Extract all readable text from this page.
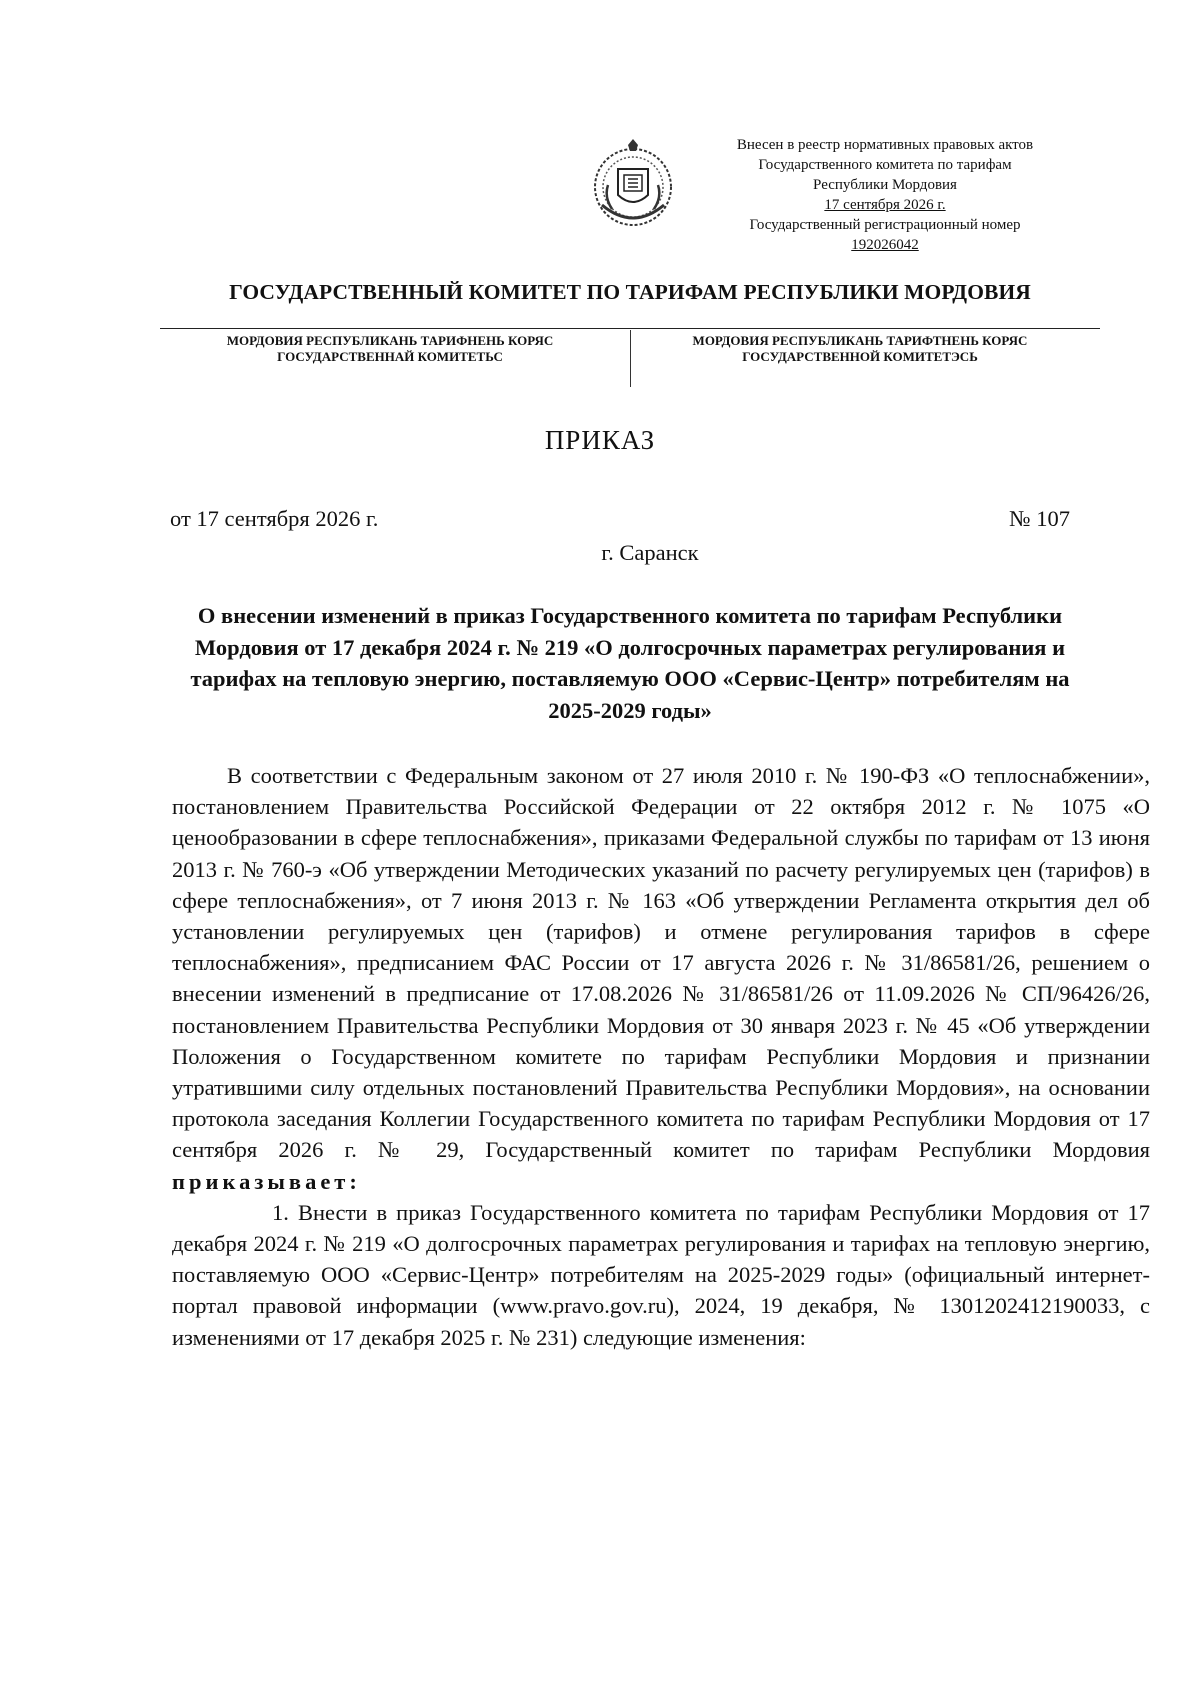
Внесен в реестр нормативных правовых актов
Государственного комитета по тарифам
Республики Мордовия
17 сентября 2026 г.
Государственный регистрационный номер
192026042
ГОСУДАРСТВЕННЫЙ КОМИТЕТ ПО ТАРИФАМ РЕСПУБЛИКИ МОРДОВИЯ
МОРДОВИЯ РЕСПУБЛИКАНЬ ТАРИФНЕНЬ КОРЯС
ГОСУДАРСТВЕННАЙ КОМИТЕТЬС
МОРДОВИЯ РЕСПУБЛИКАНЬ ТАРИФТНЕНЬ КОРЯС
ГОСУДАРСТВЕННОЙ КОМИТЕТЭСЬ
ПРИКАЗ
от 17 сентября 2026 г.	№ 107
г. Саранск
О внесении изменений в приказ Государственного комитета по тарифам Республики Мордовия от 17 декабря 2024 г. № 219 «О долгосрочных параметрах регулирования и тарифах на тепловую энергию, поставляемую ООО «Сервис-Центр» потребителям на 2025-2029 годы»

В соответствии с Федеральным законом от 27 июля 2010 г. № 190-ФЗ «О теплоснабжении», постановлением Правительства Российской Федерации от 22 октября 2012 г. № 1075 «О ценообразовании в сфере теплоснабжения», приказами Федеральной службы по тарифам от 13 июня 2013 г. № 760-э «Об утверждении Методических указаний по расчету регулируемых цен (тарифов) в сфере теплоснабжения», от 7 июня 2013 г. № 163 «Об утверждении Регламента открытия дел об установлении регулируемых цен (тарифов) и отмене регулирования тарифов в сфере теплоснабжения», предписанием ФАС России от 17 августа 2026 г. № 31/86581/26, решением о внесении изменений в предписание от 17.08.2026 № 31/86581/26 от 11.09.2026 № СП/96426/26, постановлением Правительства Республики Мордовия от 30 января 2023 г. № 45 «Об утверждении Положения о Государственном комитете по тарифам Республики Мордовия и признании утратившими силу отдельных постановлений Правительства Республики Мордовия», на основании протокола заседания Коллегии Государственного комитета по тарифам Республики Мордовия от 17 сентября 2026 г. № 29, Государственный комитет по тарифам Республики Мордовия приказывает:

1. Внести в приказ Государственного комитета по тарифам Республики Мордовия от 17 декабря 2024 г. № 219 «О долгосрочных параметрах регулирования и тарифах на тепловую энергию, поставляемую ООО «Сервис-Центр» потребителям на 2025-2029 годы» (официальный интернет-портал правовой информации (www.pravo.gov.ru), 2024, 19 декабря, № 1301202412190033, с изменениями от 17 декабря 2025 г. № 231) следующие изменения:
